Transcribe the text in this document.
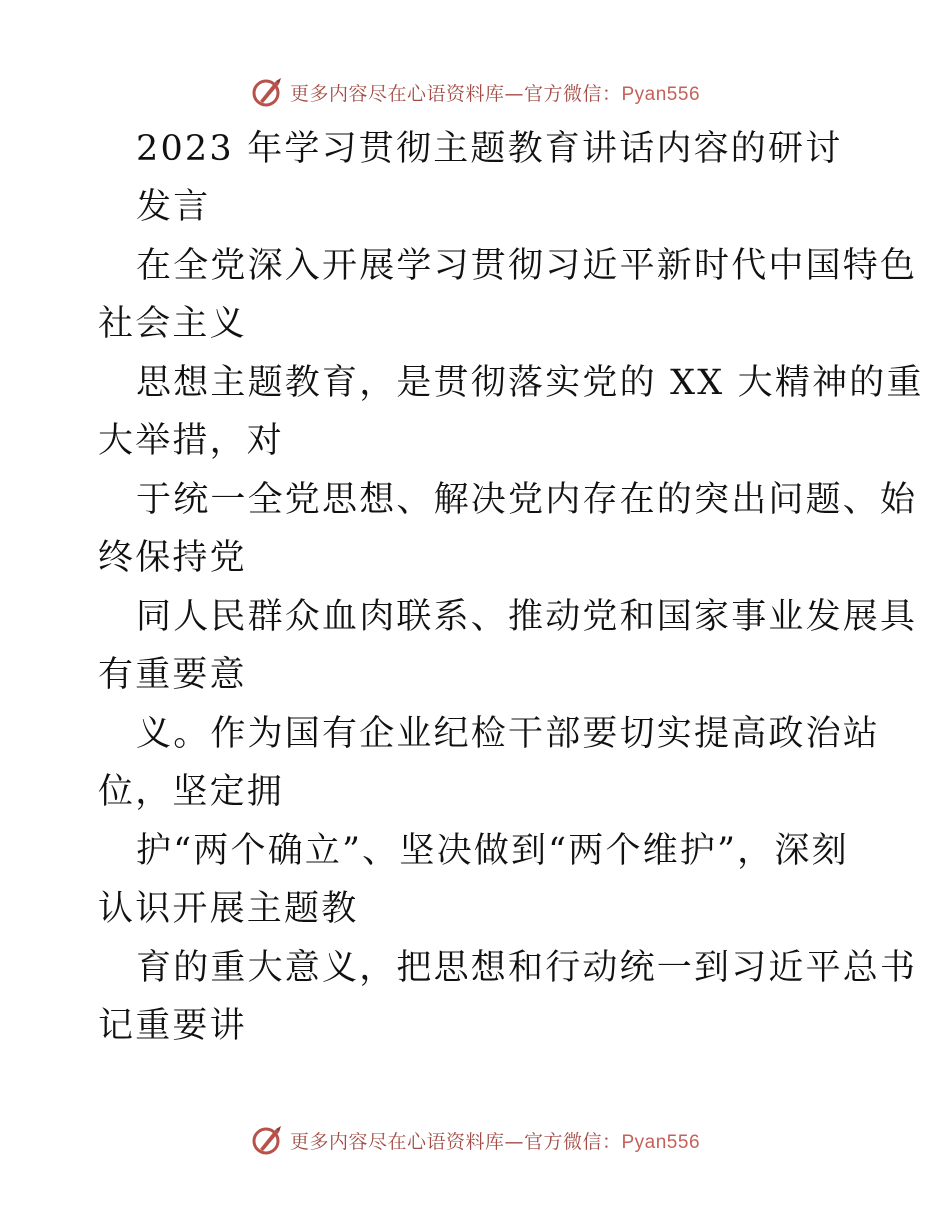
更多内容尽在心语资料库—官方微信：Pyan556
2023 年学习贯彻主题教育讲话内容的研讨
发言
在全党深入开展学习贯彻习近平新时代中国特色
社会主义
思想主题教育，是贯彻落实党的 XX 大精神的重
大举措，对
于统一全党思想、解决党内存在的突出问题、始
终保持党
同人民群众血肉联系、推动党和国家事业发展具
有重要意
义。作为国有企业纪检干部要切实提高政治站
位，坚定拥
护“两个确立”、坚决做到“两个维护”，深刻
认识开展主题教
育的重大意义，把思想和行动统一到习近平总书
记重要讲
更多内容尽在心语资料库—官方微信：Pyan556
